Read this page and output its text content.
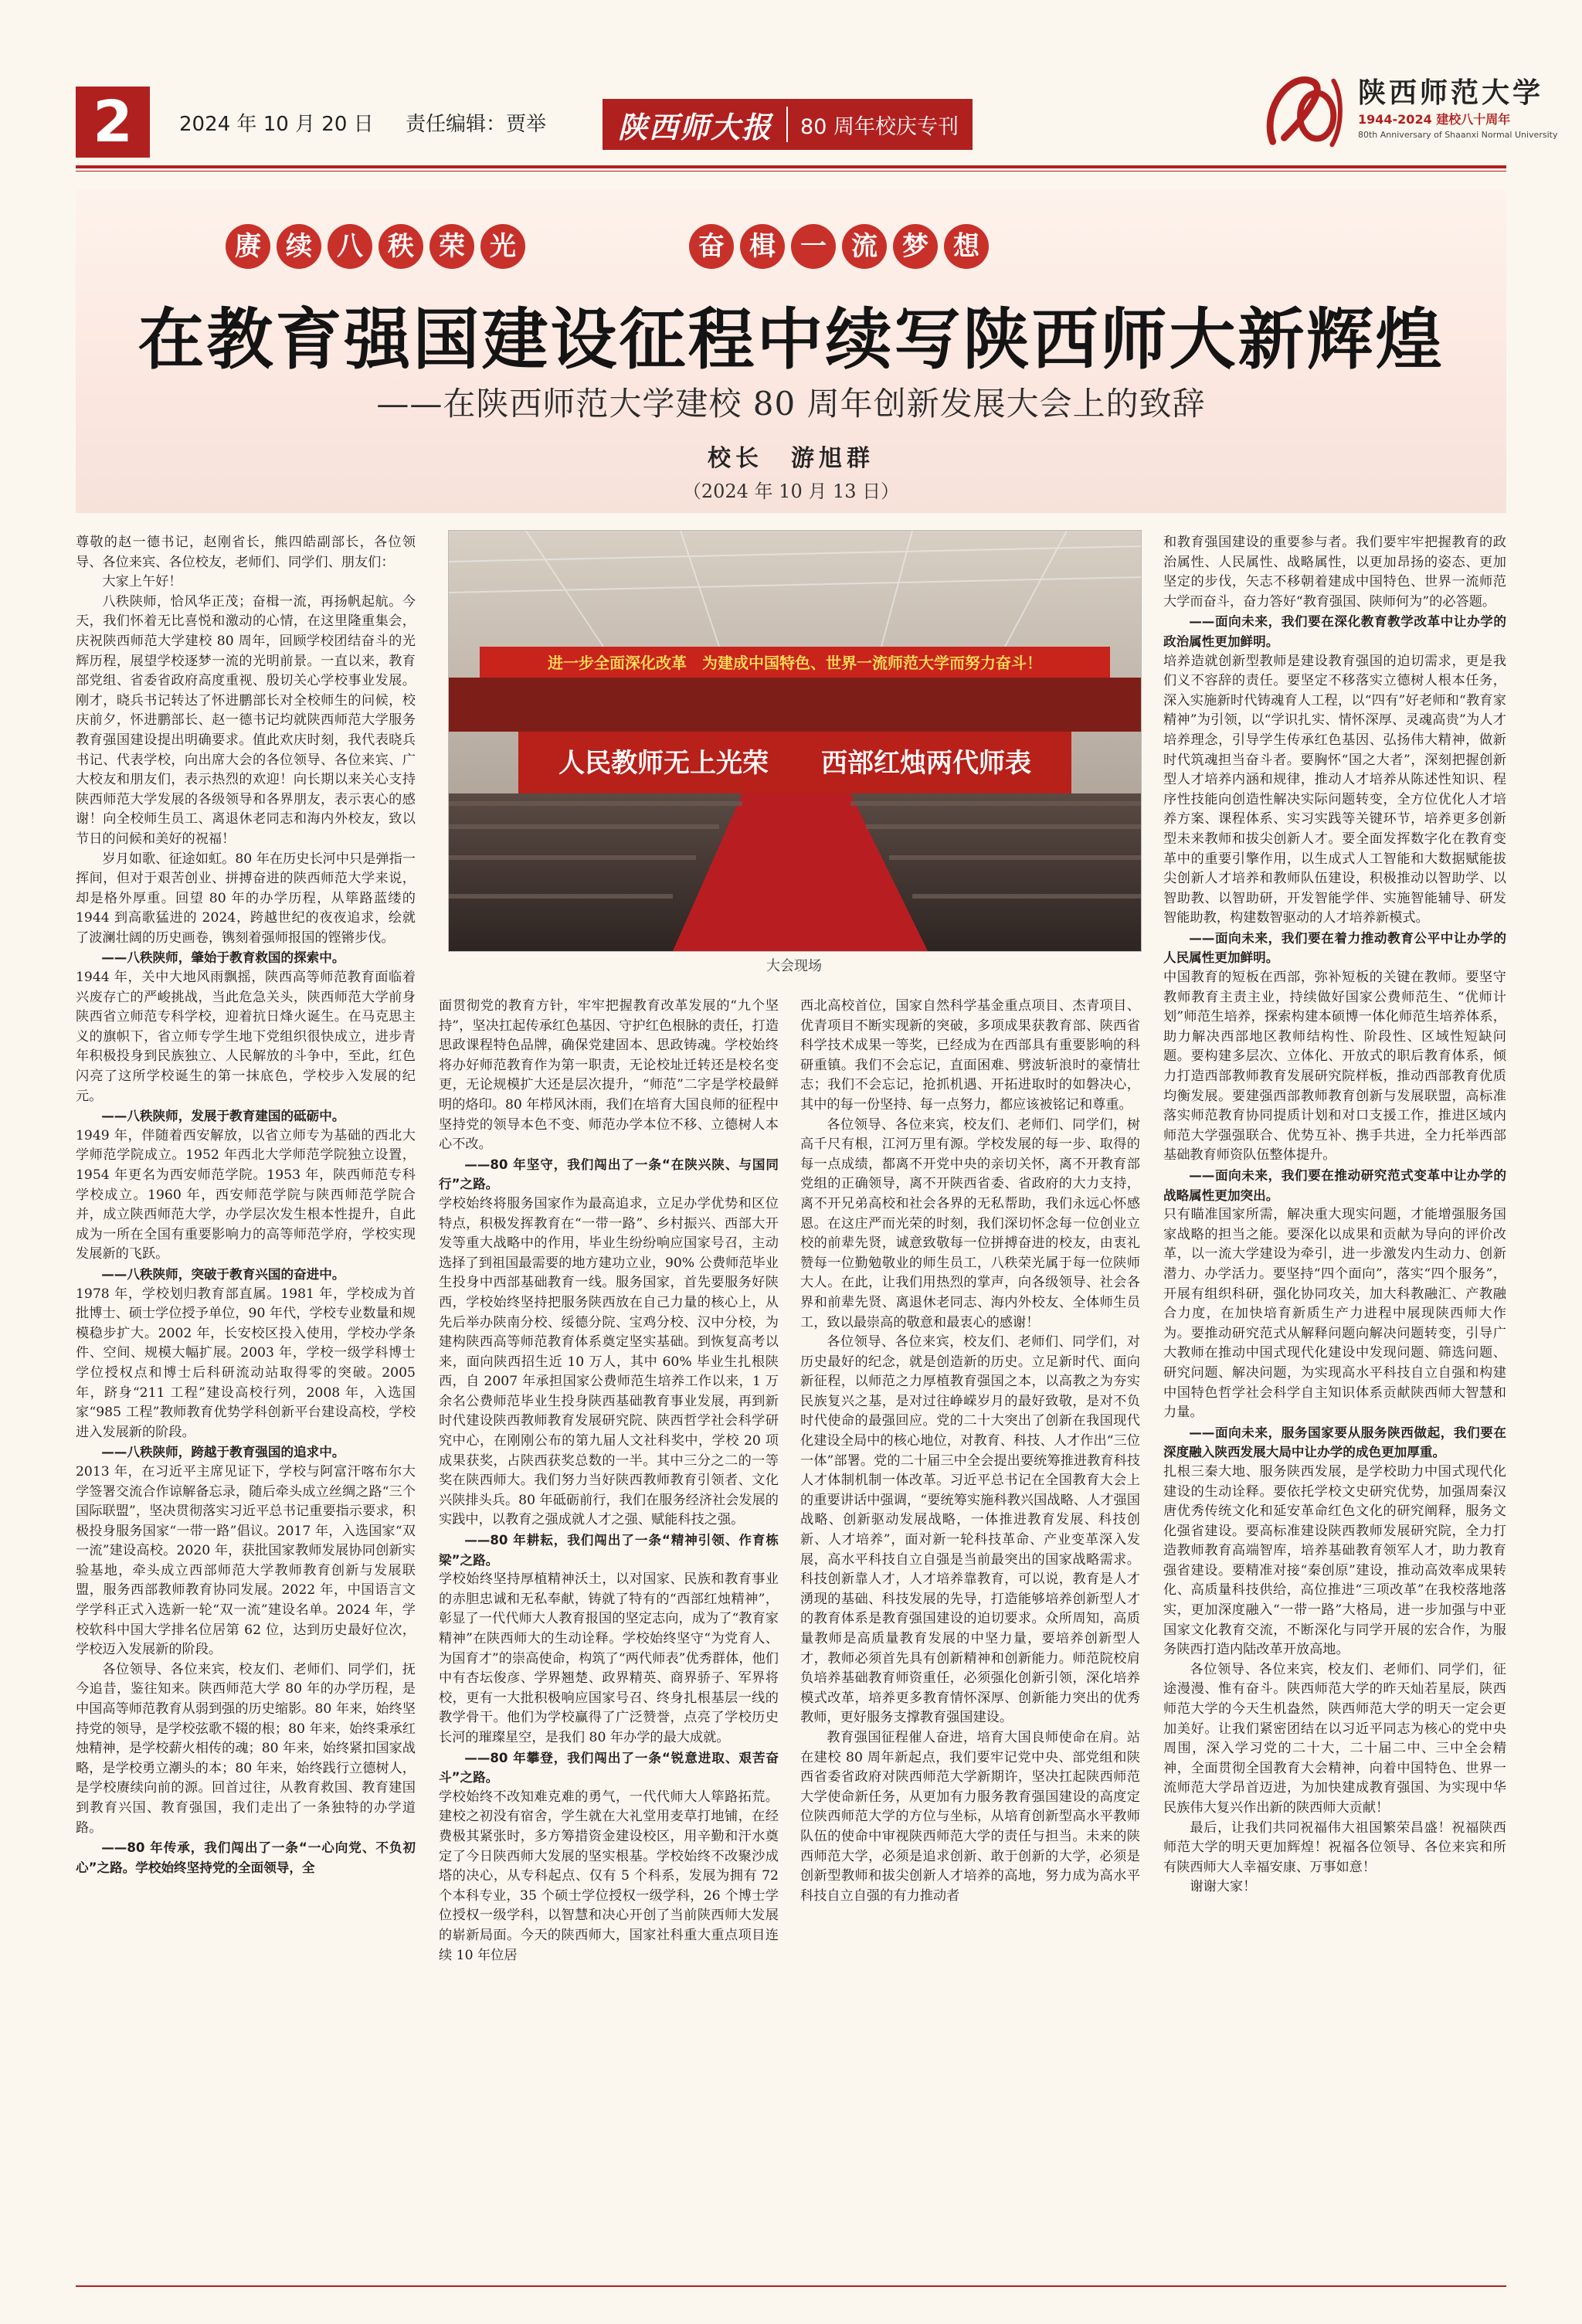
2	2024 年 10 月 20 日 责任编辑：贾举	陕西师大报	80 周年校庆专刊
陕西师范大学
1944-2024 建校八十周年
80th Anniversary of Shaanxi Normal University
赓 续 八 秩 荣 光	奋 楫 一 流 梦 想
在教育强国建设征程中续写陕西师大新辉煌
——在陕西师范大学建校 80 周年创新发展大会上的致辞
校长　游旭群
（2024 年 10 月 13 日）

尊敬的赵一德书记，赵刚省长，熊四皓副部长，各位领导、各位来宾、各位校友，老师们、同学们、朋友们：

大家上午好！

八秩陕师，恰风华正茂；奋楫一流，再扬帆起航。今天，我们怀着无比喜悦和激动的心情，在这里隆重集会，庆祝陕西师范大学建校 80 周年，回顾学校团结奋斗的光辉历程，展望学校逐梦一流的光明前景。一直以来，教育部党组、省委省政府高度重视、殷切关心学校事业发展。刚才，晓兵书记转达了怀进鹏部长对全校师生的问候，校庆前夕，怀进鹏部长、赵一德书记均就陕西师范大学服务教育强国建设提出明确要求。值此欢庆时刻，我代表晓兵书记、代表学校，向出席大会的各位领导、各位来宾、广大校友和朋友们，表示热烈的欢迎！向长期以来关心支持陕西师范大学发展的各级领导和各界朋友，表示衷心的感谢！向全校师生员工、离退休老同志和海内外校友，致以节日的问候和美好的祝福！

岁月如歌、征途如虹。80 年在历史长河中只是弹指一挥间，但对于艰苦创业、拼搏奋进的陕西师范大学来说，却是格外厚重。回望 80 年的办学历程，从筚路蓝缕的 1944 到高歌猛进的 2024，跨越世纪的夜夜追求，绘就了波澜壮阔的历史画卷，镌刻着强师报国的铿锵步伐。

——八秩陕师，肇始于教育救国的探索中。

1944 年，关中大地风雨飘摇，陕西高等师范教育面临着兴废存亡的严峻挑战，当此危急关头，陕西师范大学前身陕西省立师范专科学校，迎着抗日烽火诞生。在马克思主义的旗帜下，省立师专学生地下党组织很快成立，进步青年积极投身到民族独立、人民解放的斗争中，至此，红色闪亮了这所学校诞生的第一抹底色，学校步入发展的纪元。

——八秩陕师，发展于教育建国的砥砺中。

1949 年，伴随着西安解放，以省立师专为基础的西北大学师范学院成立。1952 年西北大学师范学院独立设置，1954 年更名为西安师范学院。1953 年，陕西师范专科学校成立。1960 年，西安师范学院与陕西师范学院合并，成立陕西师范大学，办学层次发生根本性提升，自此成为一所在全国有重要影响力的高等师范学府，学校实现发展新的飞跃。

——八秩陕师，突破于教育兴国的奋进中。

1978 年，学校划归教育部直属。1981 年，学校成为首批博士、硕士学位授予单位，90 年代，学校专业数量和规模稳步扩大。2002 年，长安校区投入使用，学校办学条件、空间、规模大幅扩展。2003 年，学校一级学科博士学位授权点和博士后科研流动站取得零的突破。2005 年，跻身“211 工程”建设高校行列，2008 年，入选国家“985 工程”教师教育优势学科创新平台建设高校，学校进入发展新的阶段。

——八秩陕师，跨越于教育强国的追求中。

2013 年，在习近平主席见证下，学校与阿富汗喀布尔大学签署交流合作谅解备忘录，随后牵头成立丝绸之路“三个国际联盟”，坚决贯彻落实习近平总书记重要指示要求，积极投身服务国家“一带一路”倡议。2017 年，入选国家“双一流”建设高校。2020 年，获批国家教师发展协同创新实验基地，牵头成立西部师范大学教师教育创新与发展联盟，服务西部教师教育协同发展。2022 年，中国语言文学学科正式入选新一轮“双一流”建设名单。2024 年，学校软科中国大学排名位居第 62 位，达到历史最好位次，学校迈入发展新的阶段。

各位领导、各位来宾，校友们、老师们、同学们，抚今追昔，鉴往知来。陕西师范大学 80 年的办学历程，是中国高等师范教育从弱到强的历史缩影。80 年来，始终坚持党的领导，是学校弦歌不辍的根；80 年来，始终秉承红烛精神，是学校薪火相传的魂；80 年来，始终紧扣国家战略，是学校勇立潮头的本；80 年来，始终践行立德树人，是学校赓续向前的源。回首过往，从教育救国、教育建国到教育兴国、教育强国，我们走出了一条独特的办学道路。

——80 年传承，我们闯出了一条“一心向党、不负初心”之路。学校始终坚持党的全面领导，全

面贯彻党的教育方针，牢牢把握教育改革发展的“九个坚持”，坚决扛起传承红色基因、守护红色根脉的责任，打造思政课程特色品牌，确保党建固本、思政铸魂。学校始终将办好师范教育作为第一职责，无论校址迁转还是校名变更，无论规模扩大还是层次提升，“师范”二字是学校最鲜明的烙印。80 年栉风沐雨，我们在培育大国良师的征程中坚持党的领导本色不变、师范办学本位不移、立德树人本心不改。

——80 年坚守，我们闯出了一条“在陕兴陕、与国同行”之路。

学校始终将服务国家作为最高追求，立足办学优势和区位特点，积极发挥教育在“一带一路”、乡村振兴、西部大开发等重大战略中的作用，毕业生纷纷响应国家号召，主动选择了到祖国最需要的地方建功立业，90% 公费师范毕业生投身中西部基础教育一线。服务国家，首先要服务好陕西，学校始终坚持把服务陕西放在自己力量的核心上，从先后举办陕南分校、绥德分院、宝鸡分校、汉中分校，为建构陕西高等师范教育体系奠定坚实基础。到恢复高考以来，面向陕西招生近 10 万人，其中 60% 毕业生扎根陕西，自 2007 年承担国家公费师范生培养工作以来，1 万余名公费师范毕业生投身陕西基础教育事业发展，再到新时代建设陕西教师教育发展研究院、陕西哲学社会科学研究中心，在刚刚公布的第九届人文社科奖中，学校 20 项成果获奖，占陕西获奖总数的一半。其中三分之二的一等奖在陕西师大。我们努力当好陕西教师教育引领者、文化兴陕排头兵。80 年砥砺前行，我们在服务经济社会发展的实践中，以教育之强成就人才之强、赋能科技之强。

——80 年耕耘，我们闯出了一条“精神引领、作育栋梁”之路。

学校始终坚持厚植精神沃土，以对国家、民族和教育事业的赤胆忠诚和无私奉献，铸就了特有的“西部红烛精神”，彰显了一代代师大人教育报国的坚定志向，成为了“教育家精神”在陕西师大的生动诠释。学校始终坚守“为党育人、为国育才”的崇高使命，构筑了“两代师表”优秀群体，他们中有杏坛俊彦、学界翘楚、政界精英、商界骄子、军界将校，更有一大批积极响应国家号召、终身扎根基层一线的教学骨干。他们为学校赢得了广泛赞誉，点亮了学校历史长河的璀璨星空，是我们 80 年办学的最大成就。

——80 年攀登，我们闯出了一条“锐意进取、艰苦奋斗”之路。

学校始终不改知难克难的勇气，一代代师大人筚路拓荒。建校之初没有宿舍，学生就在大礼堂用麦草打地铺，在经费极其紧张时，多方筹措资金建设校区，用辛勤和汗水奠定了今日陕西师大发展的坚实根基。学校始终不改聚沙成塔的决心，从专科起点、仅有 5 个科系，发展为拥有 72 个本科专业，35 个硕士学位授权一级学科，26 个博士学位授权一级学科，以智慧和决心开创了当前陕西师大发展的崭新局面。今天的陕西师大，国家社科重大重点项目连续 10 年位居

西北高校首位，国家自然科学基金重点项目、杰青项目、优青项目不断实现新的突破，多项成果获教育部、陕西省科学技术成果一等奖，已经成为在西部具有重要影响的科研重镇。我们不会忘记，直面困难、劈波斩浪时的豪情壮志；我们不会忘记，抢抓机遇、开拓进取时的如磐决心，其中的每一份坚持、每一点努力，都应该被铭记和尊重。

各位领导、各位来宾，校友们、老师们、同学们，树高千尺有根，江河万里有源。学校发展的每一步、取得的每一点成绩，都离不开党中央的亲切关怀，离不开教育部党组的正确领导，离不开陕西省委、省政府的大力支持，离不开兄弟高校和社会各界的无私帮助，我们永远心怀感恩。在这庄严而光荣的时刻，我们深切怀念每一位创业立校的前辈先贤，诚意致敬每一位拼搏奋进的校友，由衷礼赞每一位勤勉敬业的师生员工，八秩荣光属于每一位陕师大人。在此，让我们用热烈的掌声，向各级领导、社会各界和前辈先贤、离退休老同志、海内外校友、全体师生员工，致以最崇高的敬意和最衷心的感谢！

各位领导、各位来宾，校友们、老师们、同学们，对历史最好的纪念，就是创造新的历史。立足新时代、面向新征程，以师范之力厚植教育强国之本，以高教之为夯实民族复兴之基，是对过往峥嵘岁月的最好致敬，是对不负时代使命的最强回应。党的二十大突出了创新在我国现代化建设全局中的核心地位，对教育、科技、人才作出“三位一体”部署。党的二十届三中全会提出要统筹推进教育科技人才体制机制一体改革。习近平总书记在全国教育大会上的重要讲话中强调，“要统筹实施科教兴国战略、人才强国战略、创新驱动发展战略，一体推进教育发展、科技创新、人才培养”，面对新一轮科技革命、产业变革深入发展，高水平科技自立自强是当前最突出的国家战略需求。科技创新靠人才，人才培养靠教育，可以说，教育是人才湧现的基础、科技发展的先导，打造能够培养创新型人才的教育体系是教育强国建设的迫切要求。众所周知，高质量教师是高质量教育发展的中坚力量，要培养创新型人才，教师必须首先具有创新精神和创新能力。师范院校肩负培养基础教育师资重任，必须强化创新引领，深化培养模式改革，培养更多教育情怀深厚、创新能力突出的优秀教师，更好服务支撑教育强国建设。

教育强国征程催人奋进，培育大国良师使命在肩。站在建校 80 周年新起点，我们要牢记党中央、部党组和陕西省委省政府对陕西师范大学新期许，坚决扛起陕西师范大学使命新任务，从更加有力服务教育强国建设的高度定位陕西师范大学的方位与坐标，从培育创新型高水平教师队伍的使命中审视陕西师范大学的责任与担当。未来的陕西师范大学，必须是追求创新、敢于创新的大学，必须是创新型教师和拔尖创新人才培养的高地，努力成为高水平科技自立自强的有力推动者

和教育强国建设的重要参与者。我们要牢牢把握教育的政治属性、人民属性、战略属性，以更加昂扬的姿态、更加坚定的步伐，矢志不移朝着建成中国特色、世界一流师范大学而奋斗，奋力答好“教育强国、陕师何为”的必答题。

——面向未来，我们要在深化教育教学改革中让办学的政治属性更加鲜明。

培养造就创新型教师是建设教育强国的迫切需求，更是我们义不容辞的责任。要坚定不移落实立德树人根本任务，深入实施新时代铸魂育人工程，以“四有”好老师和“教育家精神”为引领，以“学识扎实、情怀深厚、灵魂高贵”为人才培养理念，引导学生传承红色基因、弘扬伟大精神，做新时代筑魂担当奋斗者。要胸怀“国之大者”，深刻把握创新型人才培养内涵和规律，推动人才培养从陈述性知识、程序性技能向创造性解决实际问题转变，全方位优化人才培养方案、课程体系、实习实践等关键环节，培养更多创新型未来教师和拔尖创新人才。要全面发挥数字化在教育变革中的重要引擎作用，以生成式人工智能和大数据赋能拔尖创新人才培养和教师队伍建设，积极推动以智助学、以智助教、以智助研，开发智能学伴、实施智能辅导、研发智能助教，构建数智驱动的人才培养新模式。

——面向未来，我们要在着力推动教育公平中让办学的人民属性更加鲜明。

中国教育的短板在西部，弥补短板的关键在教师。要坚守教师教育主责主业，持续做好国家公费师范生、“优师计划”师范生培养，探索构建本硕博一体化师范生培养体系，助力解决西部地区教师结构性、阶段性、区域性短缺问题。要构建多层次、立体化、开放式的职后教育体系，倾力打造西部教师教育发展研究院样板，推动西部教育优质均衡发展。要建强西部教师教育创新与发展联盟，高标准落实师范教育协同提质计划和对口支援工作，推进区域内师范大学强强联合、优势互补、携手共进，全力托举西部基础教育师资队伍整体提升。

——面向未来，我们要在推动研究范式变革中让办学的战略属性更加突出。

只有瞄准国家所需，解决重大现实问题，才能增强服务国家战略的担当之能。要深化以成果和贡献为导向的评价改革，以一流大学建设为牵引，进一步激发内生动力、创新潜力、办学活力。要坚持“四个面向”，落实“四个服务”，开展有组织科研，强化协同攻关，加大科教融汇、产教融合力度，在加快培育新质生产力进程中展现陕西师大作为。要推动研究范式从解释问题向解决问题转变，引导广大教师在推动中国式现代化建设中发现问题、筛选问题、研究问题、解决问题，为实现高水平科技自立自强和构建中国特色哲学社会科学自主知识体系贡献陕西师大智慧和力量。

——面向未来，服务国家要从服务陕西做起，我们要在深度融入陕西发展大局中让办学的成色更加厚重。

扎根三秦大地、服务陕西发展，是学校助力中国式现代化建设的生动诠释。要依托学校文史研究优势，加强周秦汉唐优秀传统文化和延安革命红色文化的研究阐释，服务文化强省建设。要高标准建设陕西教师发展研究院，全力打造教师教育高端智库，培养基础教育领军人才，助力教育强省建设。要精准对接“秦创原”建设，推动高效率成果转化、高质量科技供给，高位推进“三项改革”在我校落地落实，更加深度融入“一带一路”大格局，进一步加强与中亚国家文化教育交流，不断深化与同学开展的宏合作，为服务陕西打造内陆改革开放高地。

各位领导、各位来宾，校友们、老师们、同学们，征途漫漫、惟有奋斗。陕西师范大学的昨天灿若星辰，陕西师范大学的今天生机盎然，陕西师范大学的明天一定会更加美好。让我们紧密团结在以习近平同志为核心的党中央周围，深入学习党的二十大，二十届二中、三中全会精神，全面贯彻全国教育大会精神，向着中国特色、世界一流师范大学昂首迈进，为加快建成教育强国、为实现中华民族伟大复兴作出新的陕西师大贡献！

最后，让我们共同祝福伟大祖国繁荣昌盛！祝福陕西师范大学的明天更加辉煌！祝福各位领导、各位来宾和所有陕西师大人幸福安康、万事如意！

谢谢大家！

进一步全面深化改革　为建成中国特色、世界一流师范大学而努力奋斗！
人民教师无上光荣　　西部红烛两代师表
大会现场
